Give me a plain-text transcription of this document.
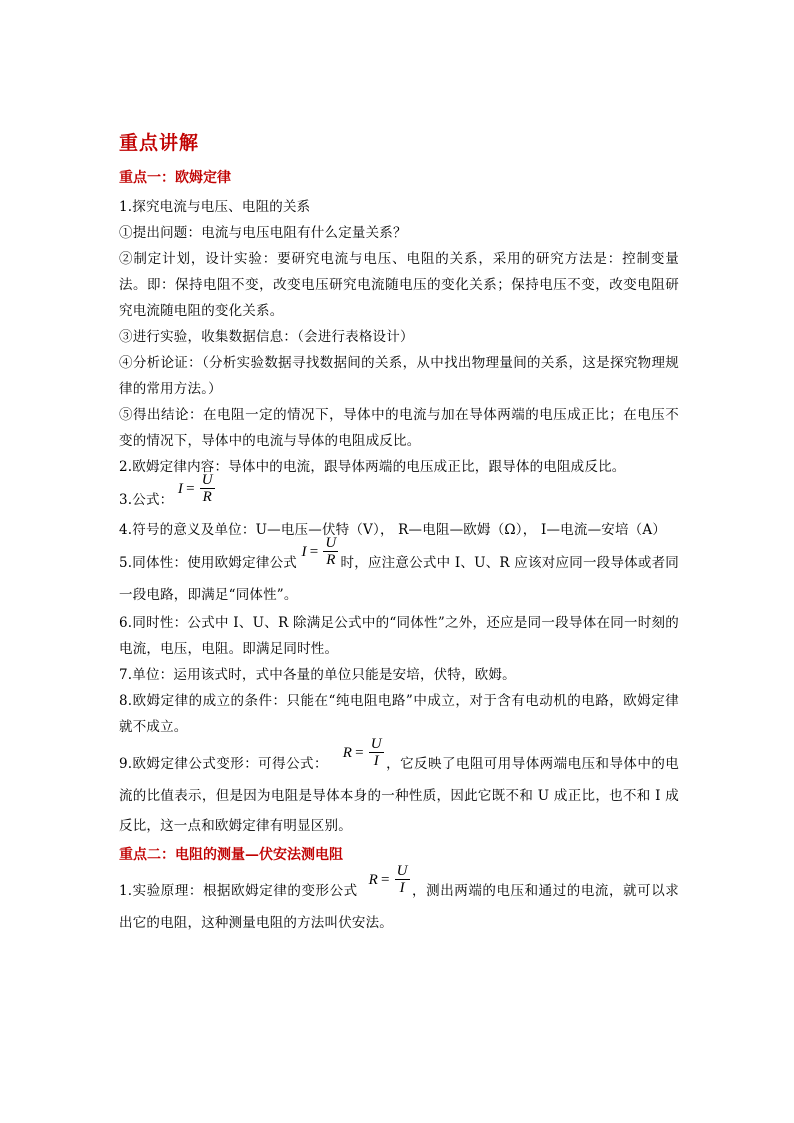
重点讲解
重点一：欧姆定律

1.探究电流与电压、电阻的关系

①提出问题：电流与电压电阻有什么定量关系？

②制定计划，设计实验：要研究电流与电压、电阻的关系，采用的研究方法是：控制变量法。即：保持电阻不变，改变电压研究电流随电压的变化关系；保持电压不变，改变电阻研究电流随电阻的变化关系。

③进行实验，收集数据信息：（会进行表格设计）

④分析论证：（分析实验数据寻找数据间的关系，从中找出物理量间的关系，这是探究物理规律的常用方法。）

⑤得出结论：在电阻一定的情况下，导体中的电流与加在导体两端的电压成正比；在电压不变的情况下，导体中的电流与导体的电阻成反比。

2.欧姆定律内容：导体中的电流，跟导体两端的电压成正比，跟导体的电阻成反比。

3.公式：
$I = \frac{U}{R}$

4.符号的意义及单位：U—电压—伏特（V）， R—电阻—欧姆（Ω）， I—电流—安培（A）

5.同体性：使用欧姆定律公式
$I = \frac{U}{R}$ 时，应注意公式中 I、U、R 应该对应同一段导体或者同一段电路，即满足“同体性”。

6.同时性：公式中 I、U、R 除满足公式中的“同体性”之外，还应是同一段导体在同一时刻的电流，电压，电阻。即满足同时性。

7.单位：运用该式时，式中各量的单位只能是安培，伏特，欧姆。

8.欧姆定律的成立的条件：只能在“纯电阻电路”中成立，对于含有电动机的电路，欧姆定律就不成立。

9.欧姆定律公式变形：可得公式：
$R = \frac{U}{I}$ ，它反映了电阻可用导体两端电压和导体中的电流的比值表示，但是因为电阻是导体本身的一种性质，因此它既不和 U 成正比，也不和 I 成反比，这一点和欧姆定律有明显区别。

重点二：电阻的测量—伏安法测电阻

1.实验原理：根据欧姆定律的变形公式
$R = \frac{U}{I}$ ，测出两端的电压和通过的电流，就可以求出它的电阻，这种测量电阻的方法叫伏安法。
